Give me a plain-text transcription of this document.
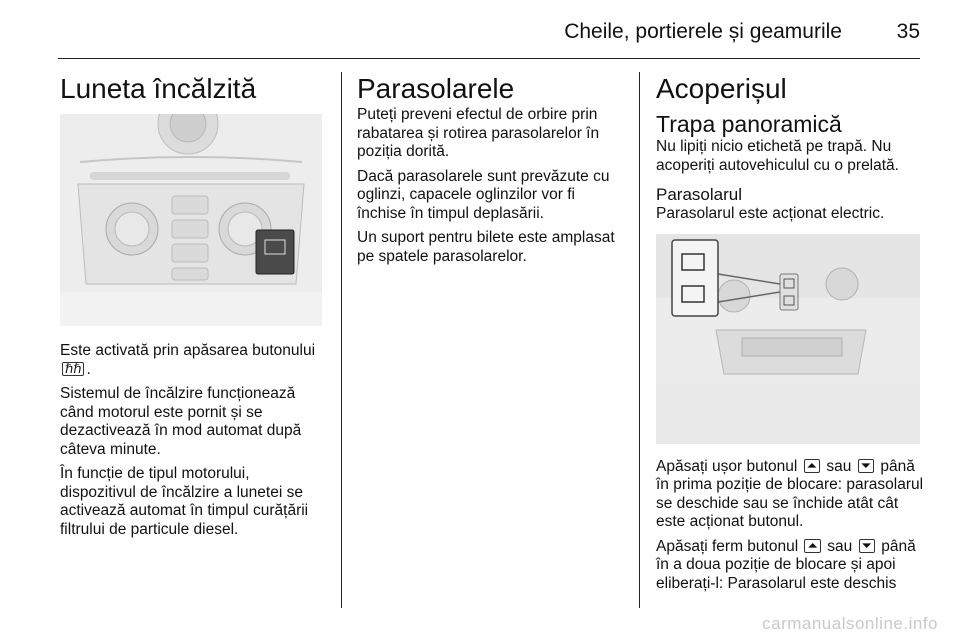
Cheile, portierele și geamurile	35
Luneta încălzită

Este activată prin apăsarea butonului ℏℏ .

Sistemul de încălzire funcționează când motorul este pornit și se dezactivează în mod automat după câteva minute.

În funcție de tipul motorului, dispozitivul de încălzire a lunetei se activează automat în timpul curățării filtrului de particule diesel.

Parasolarele

Puteți preveni efectul de orbire prin rabatarea și rotirea parasolarelor în poziția dorită.

Dacă parasolarele sunt prevăzute cu oglinzi, capacele oglinzilor vor fi închise în timpul deplasării.

Un suport pentru bilete este amplasat pe spatele parasolarelor.

Acoperișul
Trapa panoramică

Nu lipiți nicio etichetă pe trapă. Nu acoperiți autovehiculul cu o prelată.

Parasolarul

Parasolarul este acționat electric.

Apăsați ușor butonul ⏶ sau ⏷ până în prima poziție de blocare: parasolarul se deschide sau se închide atât cât este acționat butonul.

Apăsați ferm butonul ⏶ sau ⏷ până în a doua poziție de blocare și apoi eliberați-l: Parasolarul este deschis

carmanualsonline.info
